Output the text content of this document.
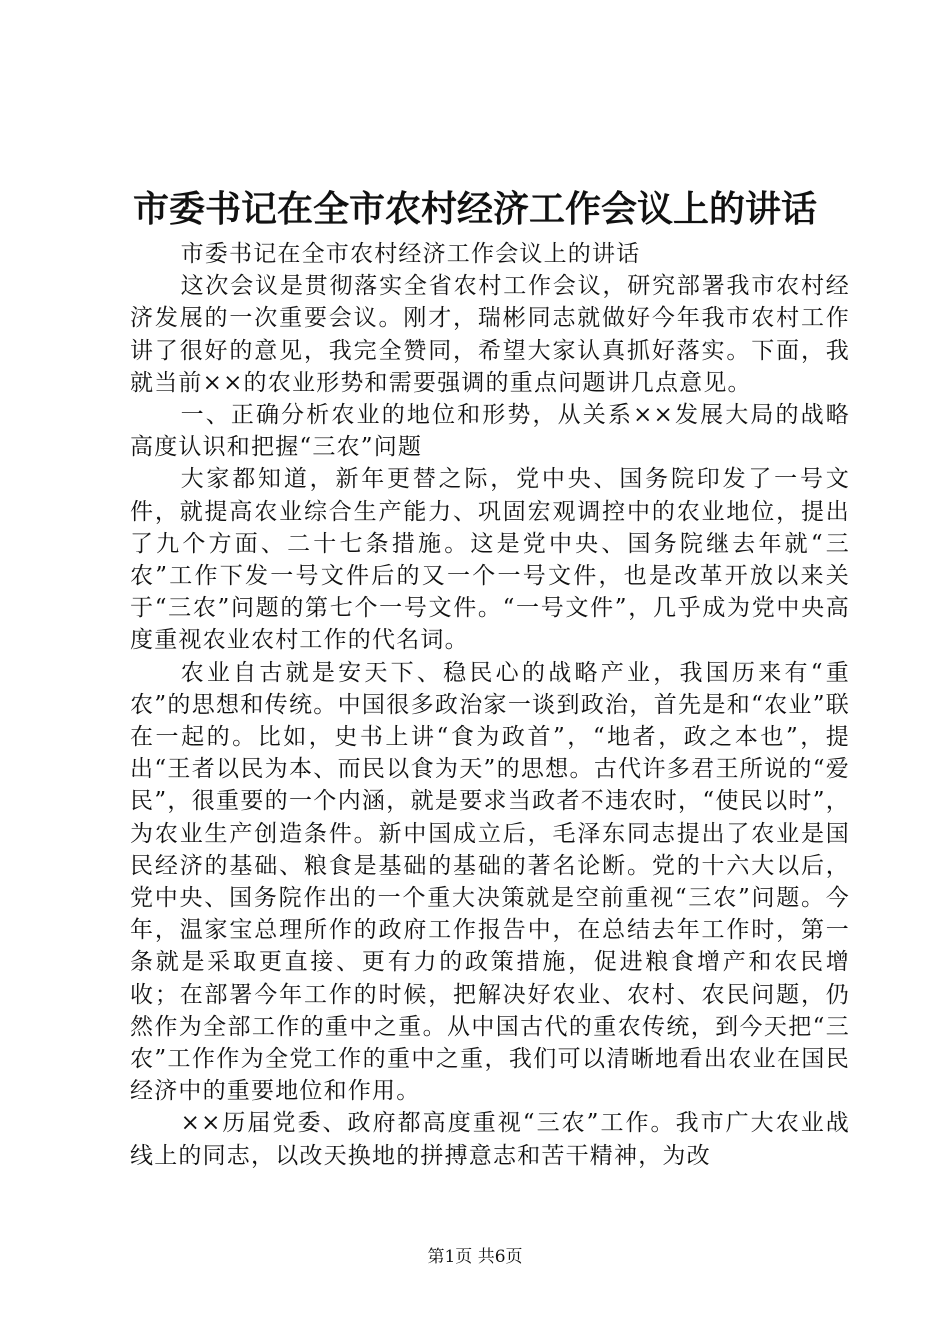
市委书记在全市农村经济工作会议上的讲话

市委书记在全市农村经济工作会议上的讲话

这次会议是贯彻落实全省农村工作会议，研究部署我市农村经济发展的一次重要会议。刚才，瑞彬同志就做好今年我市农村工作讲了很好的意见，我完全赞同，希望大家认真抓好落实。下面，我就当前××的农业形势和需要强调的重点问题讲几点意见。

一、正确分析农业的地位和形势，从关系××发展大局的战略高度认识和把握“三农”问题

大家都知道，新年更替之际，党中央、国务院印发了一号文件，就提高农业综合生产能力、巩固宏观调控中的农业地位，提出了九个方面、二十七条措施。这是党中央、国务院继去年就“三农”工作下发一号文件后的又一个一号文件，也是改革开放以来关于“三农”问题的第七个一号文件。“一号文件”，几乎成为党中央高度重视农业农村工作的代名词。

农业自古就是安天下、稳民心的战略产业，我国历来有“重农”的思想和传统。中国很多政治家一谈到政治，首先是和“农业”联在一起的。比如，史书上讲“食为政首”，“地者，政之本也”，提出“王者以民为本、而民以食为天”的思想。古代许多君王所说的“爱民”，很重要的一个内涵，就是要求当政者不违农时，“使民以时”，为农业生产创造条件。新中国成立后，毛泽东同志提出了农业是国民经济的基础、粮食是基础的基础的著名论断。党的十六大以后，党中央、国务院作出的一个重大决策就是空前重视“三农”问题。今年，温家宝总理所作的政府工作报告中，在总结去年工作时，第一条就是采取更直接、更有力的政策措施，促进粮食增产和农民增收；在部署今年工作的时候，把解决好农业、农村、农民问题，仍然作为全部工作的重中之重。从中国古代的重农传统，到今天把“三农”工作作为全党工作的重中之重，我们可以清晰地看出农业在国民经济中的重要地位和作用。

××历届党委、政府都高度重视“三农”工作。我市广大农业战线上的同志，以改天换地的拼搏意志和苦干精神，为改

第1页 共6页
